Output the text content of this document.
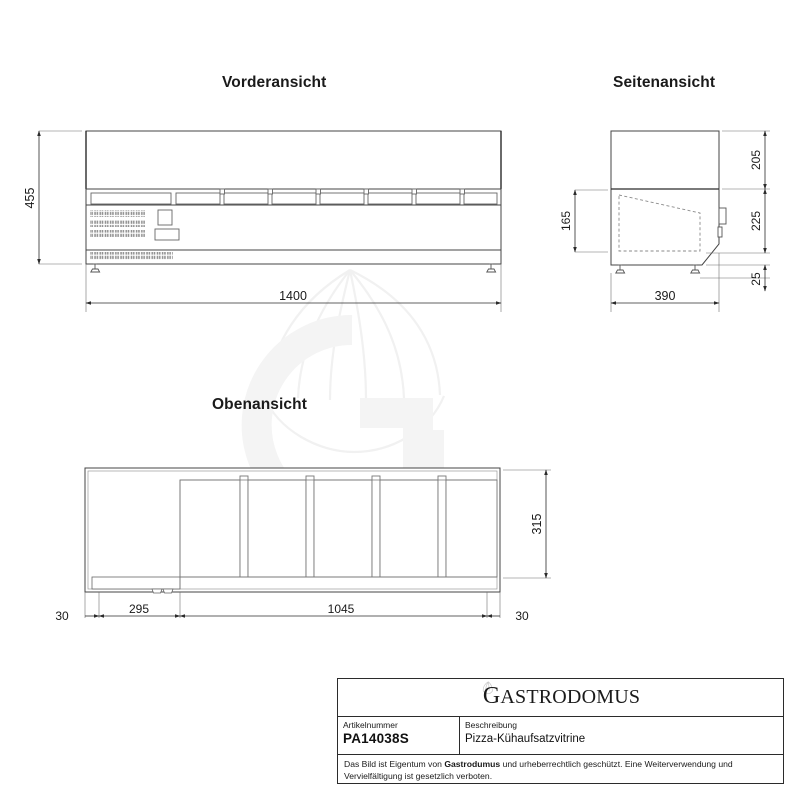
455
1400
165
205
225
25
390
315
30	295	1045	30
Vorderansicht	Seitenansicht
Obenansicht
GASTRODOMUS
Artikelnummer
PA14038S
Beschreibung
Pizza-Kühaufsatzvitrine
Das Bild ist Eigentum von Gastrodumus und urheberrechtlich geschützt. Eine Weiterverwendung und Vervielfältigung ist gesetzlich verboten.
